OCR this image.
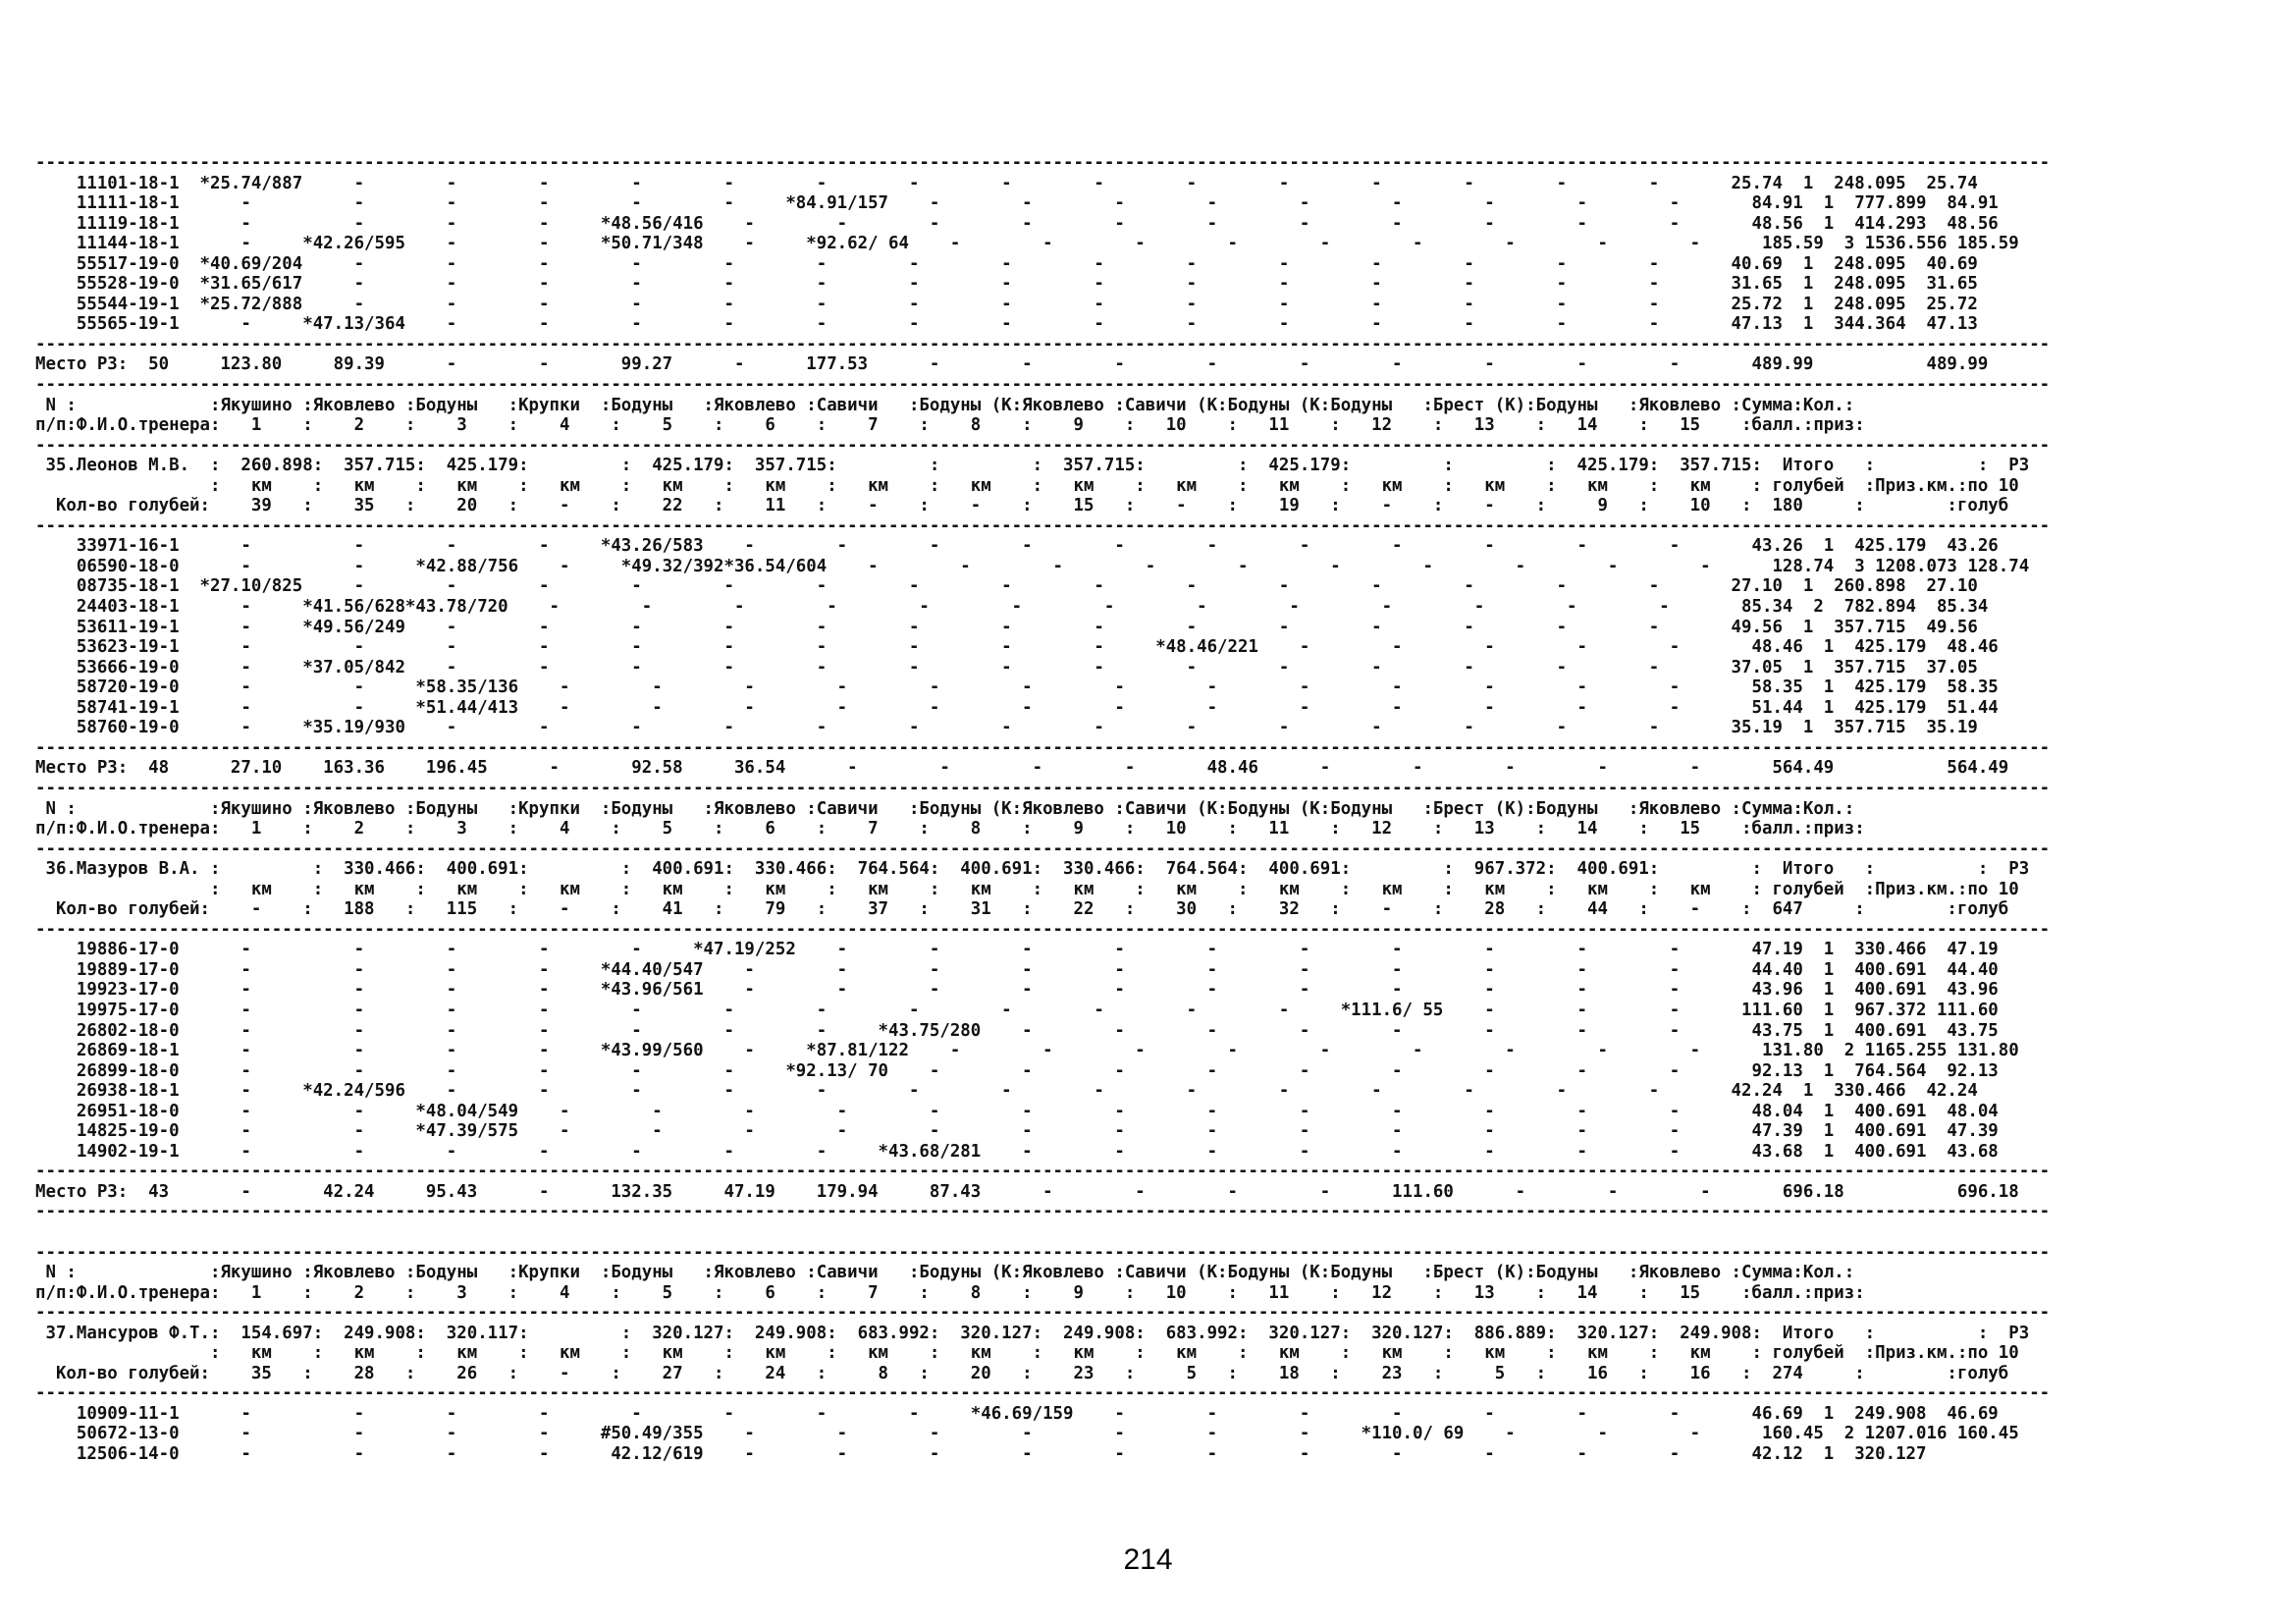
----------------------------------------------------------------------------------------------------------------------------------------------------------------------------------------------------
11101-18-1  *25.74/887     -        -        -        -        -        -        -        -        -        -        -        -        -        -        -       25.74  1  248.095  25.74
11111-18-1      -          -        -        -        -        -     *84.91/157    -        -        -        -        -        -        -        -        -       84.91  1  777.899  84.91
11119-18-1      -          -        -        -     *48.56/416    -        -        -        -        -        -        -        -        -        -        -       48.56  1  414.293  48.56
11144-18-1      -     *42.26/595    -        -     *50.71/348    -     *92.62/ 64    -        -        -        -        -        -        -        -        -      185.59  3 1536.556 185.59
55517-19-0  *40.69/204     -        -        -        -        -        -        -        -        -        -        -        -        -        -        -       40.69  1  248.095  40.69
55528-19-0  *31.65/617     -        -        -        -        -        -        -        -        -        -        -        -        -        -        -       31.65  1  248.095  31.65
55544-19-1  *25.72/888     -        -        -        -        -        -        -        -        -        -        -        -        -        -        -       25.72  1  248.095  25.72
55565-19-1      -     *47.13/364    -        -        -        -        -        -        -        -        -        -        -        -        -        -       47.13  1  344.364  47.13
----------------------------------------------------------------------------------------------------------------------------------------------------------------------------------------------------
Место РЗ:  50     123.80     89.39      -        -       99.27      -      177.53      -        -        -        -        -        -        -        -        -       489.99           489.99
----------------------------------------------------------------------------------------------------------------------------------------------------------------------------------------------------
N :             :Якушино :Яковлево :Бодуны   :Крупки  :Бодуны   :Яковлево :Савичи   :Бодуны (К:Яковлево :Савичи (К:Бодуны (К:Бодуны   :Брест (К):Бодуны   :Яковлево :Сумма:Кол.:
п/п:Ф.И.О.тренера:   1    :    2    :    3    :    4    :    5    :    6    :    7    :    8    :    9    :   10    :   11    :   12    :   13    :   14    :   15    :балл.:приз:
----------------------------------------------------------------------------------------------------------------------------------------------------------------------------------------------------
35.Леонов М.В.  :  260.898:  357.715:  425.179:         :  425.179:  357.715:         :         :  357.715:         :  425.179:         :         :  425.179:  357.715:  Итого   :          :  РЗ
:   км    :   км    :   км    :   км    :   км    :   км    :   км    :   км    :   км    :   км    :   км    :   км    :   км    :   км    :   км    : голубей  :Приз.км.:по 10
Кол-во голубей:    39   :    35   :    20   :    -    :    22   :    11   :    -    :    -    :    15   :    -    :    19   :    -    :    -    :     9   :    10   :  180     :        :голуб
----------------------------------------------------------------------------------------------------------------------------------------------------------------------------------------------------
33971-16-1      -          -        -        -     *43.26/583    -        -        -        -        -        -        -        -        -        -        -       43.26  1  425.179  43.26
06590-18-0      -          -     *42.88/756    -     *49.32/392*36.54/604    -        -        -        -        -        -        -        -        -        -      128.74  3 1208.073 128.74
08735-18-1  *27.10/825     -        -        -        -        -        -        -        -        -        -        -        -        -        -        -       27.10  1  260.898  27.10
24403-18-1      -     *41.56/628*43.78/720    -        -        -        -        -        -        -        -        -        -        -        -        -       85.34  2  782.894  85.34
53611-19-1      -     *49.56/249    -        -        -        -        -        -        -        -        -        -        -        -        -        -       49.56  1  357.715  49.56
53623-19-1      -          -        -        -        -        -        -        -        -        -     *48.46/221    -        -        -        -        -       48.46  1  425.179  48.46
53666-19-0      -     *37.05/842    -        -        -        -        -        -        -        -        -        -        -        -        -        -       37.05  1  357.715  37.05
58720-19-0      -          -     *58.35/136    -        -        -        -        -        -        -        -        -        -        -        -        -       58.35  1  425.179  58.35
58741-19-1      -          -     *51.44/413    -        -        -        -        -        -        -        -        -        -        -        -        -       51.44  1  425.179  51.44
58760-19-0      -     *35.19/930    -        -        -        -        -        -        -        -        -        -        -        -        -        -       35.19  1  357.715  35.19
----------------------------------------------------------------------------------------------------------------------------------------------------------------------------------------------------
Место РЗ:  48      27.10    163.36    196.45      -       92.58     36.54      -        -        -        -       48.46      -        -        -        -        -       564.49           564.49
----------------------------------------------------------------------------------------------------------------------------------------------------------------------------------------------------
N :             :Якушино :Яковлево :Бодуны   :Крупки  :Бодуны   :Яковлево :Савичи   :Бодуны (К:Яковлево :Савичи (К:Бодуны (К:Бодуны   :Брест (К):Бодуны   :Яковлево :Сумма:Кол.:
п/п:Ф.И.О.тренера:   1    :    2    :    3    :    4    :    5    :    6    :    7    :    8    :    9    :   10    :   11    :   12    :   13    :   14    :   15    :балл.:приз:
----------------------------------------------------------------------------------------------------------------------------------------------------------------------------------------------------
36.Мазуров В.А. :         :  330.466:  400.691:         :  400.691:  330.466:  764.564:  400.691:  330.466:  764.564:  400.691:         :  967.372:  400.691:         :  Итого   :          :  РЗ
:   км    :   км    :   км    :   км    :   км    :   км    :   км    :   км    :   км    :   км    :   км    :   км    :   км    :   км    :   км    : голубей  :Приз.км.:по 10
Кол-во голубей:    -    :   188   :   115   :    -    :    41   :    79   :    37   :    31   :    22   :    30   :    32   :    -    :    28   :    44   :    -    :  647     :        :голуб
----------------------------------------------------------------------------------------------------------------------------------------------------------------------------------------------------
19886-17-0      -          -        -        -        -     *47.19/252    -        -        -        -        -        -        -        -        -        -       47.19  1  330.466  47.19
19889-17-0      -          -        -        -     *44.40/547    -        -        -        -        -        -        -        -        -        -        -       44.40  1  400.691  44.40
19923-17-0      -          -        -        -     *43.96/561    -        -        -        -        -        -        -        -        -        -        -       43.96  1  400.691  43.96
19975-17-0      -          -        -        -        -        -        -        -        -        -        -        -     *111.6/ 55    -        -        -      111.60  1  967.372 111.60
26802-18-0      -          -        -        -        -        -        -     *43.75/280    -        -        -        -        -        -        -        -       43.75  1  400.691  43.75
26869-18-1      -          -        -        -     *43.99/560    -     *87.81/122    -        -        -        -        -        -        -        -        -      131.80  2 1165.255 131.80
26899-18-0      -          -        -        -        -        -     *92.13/ 70    -        -        -        -        -        -        -        -        -       92.13  1  764.564  92.13
26938-18-1      -     *42.24/596    -        -        -        -        -        -        -        -        -        -        -        -        -        -       42.24  1  330.466  42.24
26951-18-0      -          -     *48.04/549    -        -        -        -        -        -        -        -        -        -        -        -        -       48.04  1  400.691  48.04
14825-19-0      -          -     *47.39/575    -        -        -        -        -        -        -        -        -        -        -        -        -       47.39  1  400.691  47.39
14902-19-1      -          -        -        -        -        -        -     *43.68/281    -        -        -        -        -        -        -        -       43.68  1  400.691  43.68
----------------------------------------------------------------------------------------------------------------------------------------------------------------------------------------------------
Место РЗ:  43       -       42.24     95.43      -      132.35     47.19    179.94     87.43      -        -        -        -      111.60      -        -        -       696.18           696.18
----------------------------------------------------------------------------------------------------------------------------------------------------------------------------------------------------

----------------------------------------------------------------------------------------------------------------------------------------------------------------------------------------------------
N :             :Якушино :Яковлево :Бодуны   :Крупки  :Бодуны   :Яковлево :Савичи   :Бодуны (К:Яковлево :Савичи (К:Бодуны (К:Бодуны   :Брест (К):Бодуны   :Яковлево :Сумма:Кол.:
п/п:Ф.И.О.тренера:   1    :    2    :    3    :    4    :    5    :    6    :    7    :    8    :    9    :   10    :   11    :   12    :   13    :   14    :   15    :балл.:приз:
----------------------------------------------------------------------------------------------------------------------------------------------------------------------------------------------------
37.Мансуров Ф.Т.:  154.697:  249.908:  320.117:         :  320.127:  249.908:  683.992:  320.127:  249.908:  683.992:  320.127:  320.127:  886.889:  320.127:  249.908:  Итого   :          :  РЗ
:   км    :   км    :   км    :   км    :   км    :   км    :   км    :   км    :   км    :   км    :   км    :   км    :   км    :   км    :   км    : голубей  :Приз.км.:по 10
Кол-во голубей:    35   :    28   :    26   :    -    :    27   :    24   :     8   :    20   :    23   :     5   :    18   :    23   :     5   :    16   :    16   :  274     :        :голуб
----------------------------------------------------------------------------------------------------------------------------------------------------------------------------------------------------
10909-11-1      -          -        -        -        -        -        -        -     *46.69/159    -        -        -        -        -        -        -       46.69  1  249.908  46.69
50672-13-0      -          -        -        -     #50.49/355    -        -        -        -        -        -        -     *110.0/ 69    -        -        -      160.45  2 1207.016 160.45
12506-14-0      -          -        -        -      42.12/619    -        -        -        -        -        -        -        -        -        -        -       42.12  1  320.127
214
